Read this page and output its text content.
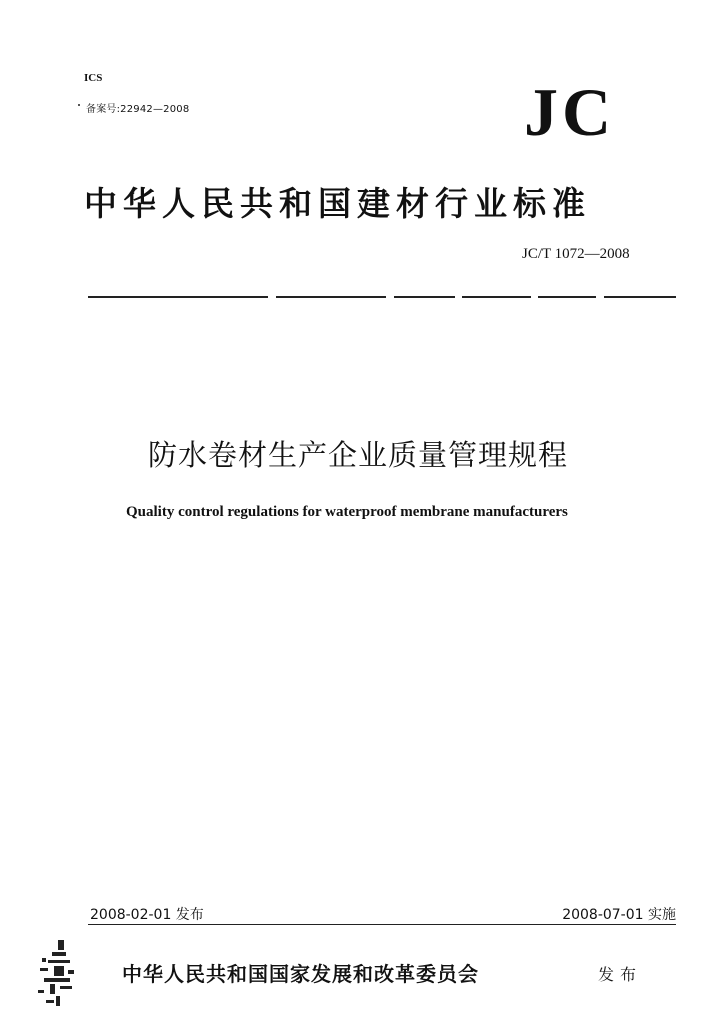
ICS
备案号:22942—2008	JC
中华人民共和国建材行业标准
JC/T 1072—2008
防水卷材生产企业质量管理规程
Quality control regulations for waterproof membrane manufacturers
2008-02-01 发布	2008-07-01 实施
中华人民共和国国家发展和改革委员会	发布
